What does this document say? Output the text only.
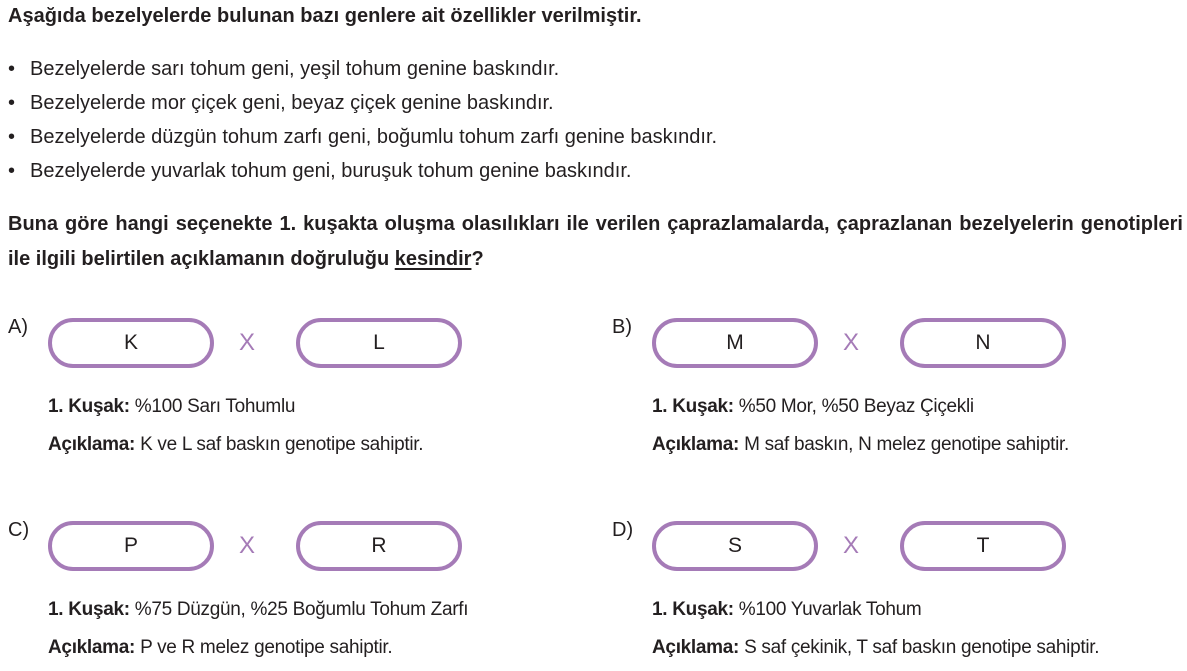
Aşağıda bezelyelerde bulunan bazı genlere ait özellikler verilmiştir.
• Bezelyelerde sarı tohum geni, yeşil tohum genine baskındır.
• Bezelyelerde mor çiçek geni, beyaz çiçek genine baskındır.
• Bezelyelerde düzgün tohum zarfı geni, boğumlu tohum zarfı genine baskındır.
• Bezelyelerde yuvarlak tohum geni, buruşuk tohum genine baskındır.

Buna göre hangi seçenekte 1. kuşakta oluşma olasılıkları ile verilen çaprazlamalarda, çaprazlanan bezelyelerin genotipleri ile ilgili belirtilen açıklamanın doğruluğu kesindir?

A)
K	X	L
1. Kuşak: %100 Sarı Tohumlu
Açıklama: K ve L saf baskın genotipe sahiptir.
B)
M	X	N
1. Kuşak: %50 Mor, %50 Beyaz Çiçekli
Açıklama: M saf baskın, N melez genotipe sahiptir.
C)
P	X	R
1. Kuşak: %75 Düzgün, %25 Boğumlu Tohum Zarfı
Açıklama: P ve R melez genotipe sahiptir.
D)
S	X	T
1. Kuşak: %100 Yuvarlak Tohum
Açıklama: S saf çekinik, T saf baskın genotipe sahiptir.
